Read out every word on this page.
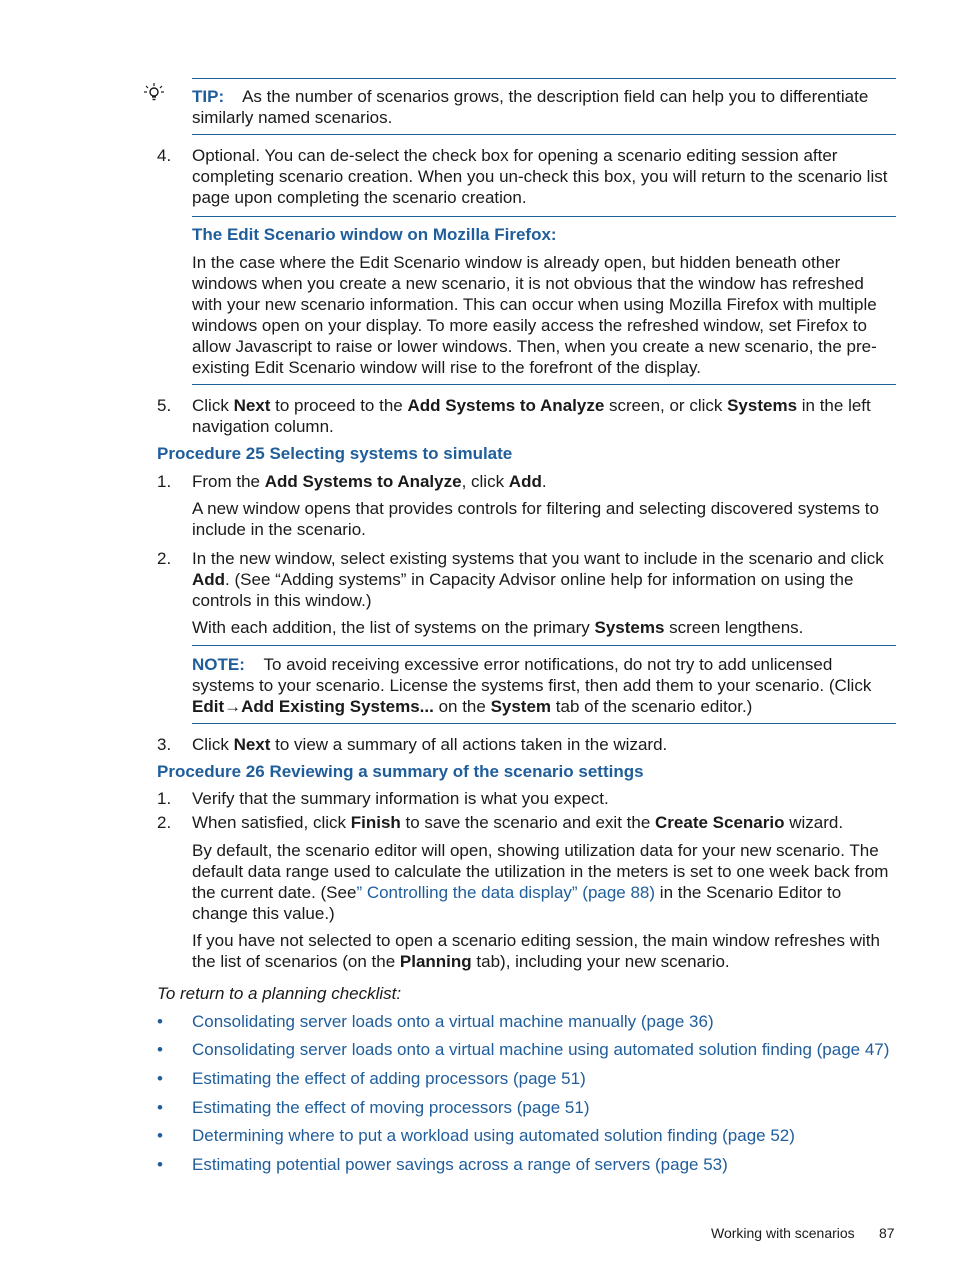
TIP: As the number of scenarios grows, the description field can help you to differentiate similarly named scenarios.
4. Optional. You can de-select the check box for opening a scenario editing session after completing scenario creation. When you un-check this box, you will return to the scenario list page upon completing the scenario creation.
The Edit Scenario window on Mozilla Firefox:
In the case where the Edit Scenario window is already open, but hidden beneath other windows when you create a new scenario, it is not obvious that the window has refreshed with your new scenario information. This can occur when using Mozilla Firefox with multiple windows open on your display. To more easily access the refreshed window, set Firefox to allow Javascript to raise or lower windows. Then, when you create a new scenario, the pre-existing Edit Scenario window will rise to the forefront of the display.
5. Click Next to proceed to the Add Systems to Analyze screen, or click Systems in the left navigation column.
Procedure 25 Selecting systems to simulate
1. From the Add Systems to Analyze, click Add.
A new window opens that provides controls for filtering and selecting discovered systems to include in the scenario.
2. In the new window, select existing systems that you want to include in the scenario and click Add. (See “Adding systems” in Capacity Advisor online help for information on using the controls in this window.)
With each addition, the list of systems on the primary Systems screen lengthens.
NOTE: To avoid receiving excessive error notifications, do not try to add unlicensed systems to your scenario. License the systems first, then add them to your scenario. (Click Edit→Add Existing Systems... on the System tab of the scenario editor.)
3. Click Next to view a summary of all actions taken in the wizard.
Procedure 26 Reviewing a summary of the scenario settings
1. Verify that the summary information is what you expect.
2. When satisfied, click Finish to save the scenario and exit the Create Scenario wizard.
By default, the scenario editor will open, showing utilization data for your new scenario. The default data range used to calculate the utilization in the meters is set to one week back from the current date. (See” Controlling the data display” (page 88) in the Scenario Editor to change this value.)
If you have not selected to open a scenario editing session, the main window refreshes with the list of scenarios (on the Planning tab), including your new scenario.
To return to a planning checklist:
• Consolidating server loads onto a virtual machine manually (page 36)
• Consolidating server loads onto a virtual machine using automated solution finding (page 47)
• Estimating the effect of adding processors (page 51)
• Estimating the effect of moving processors (page 51)
• Determining where to put a workload using automated solution finding (page 52)
• Estimating potential power savings across a range of servers (page 53)
Working with scenarios 87
